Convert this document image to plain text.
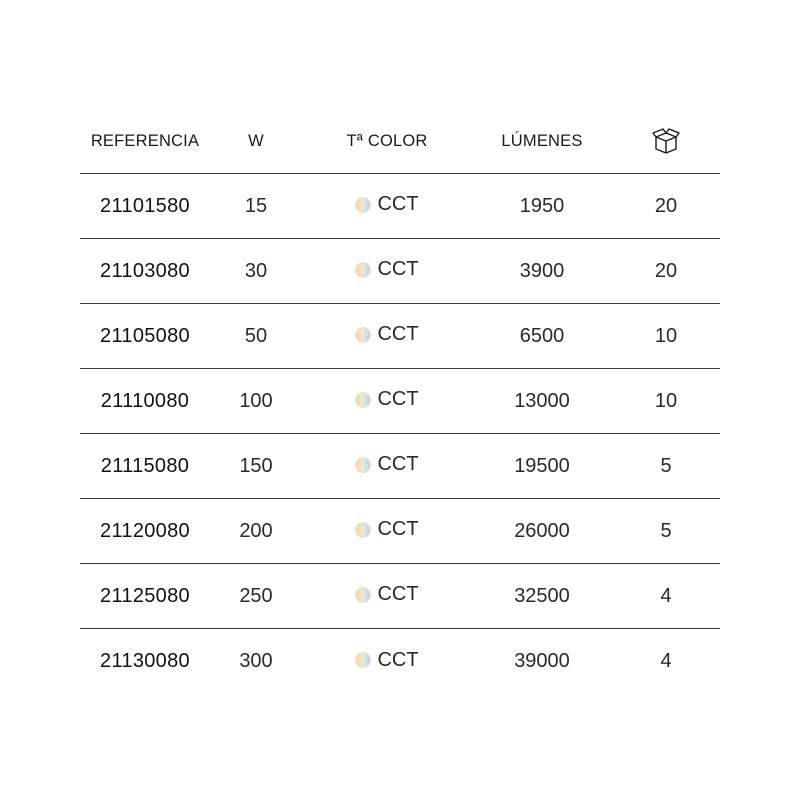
REFERENCIA	W	Tª COLOR	LÚMENES
21101580	15	CCT	1950	20
21103080	30	CCT	3900	20
21105080	50	CCT	6500	10
21110080	100	CCT	13000	10
21115080	150	CCT	19500	5
21120080	200	CCT	26000	5
21125080	250	CCT	32500	4
21130080	300	CCT	39000	4
